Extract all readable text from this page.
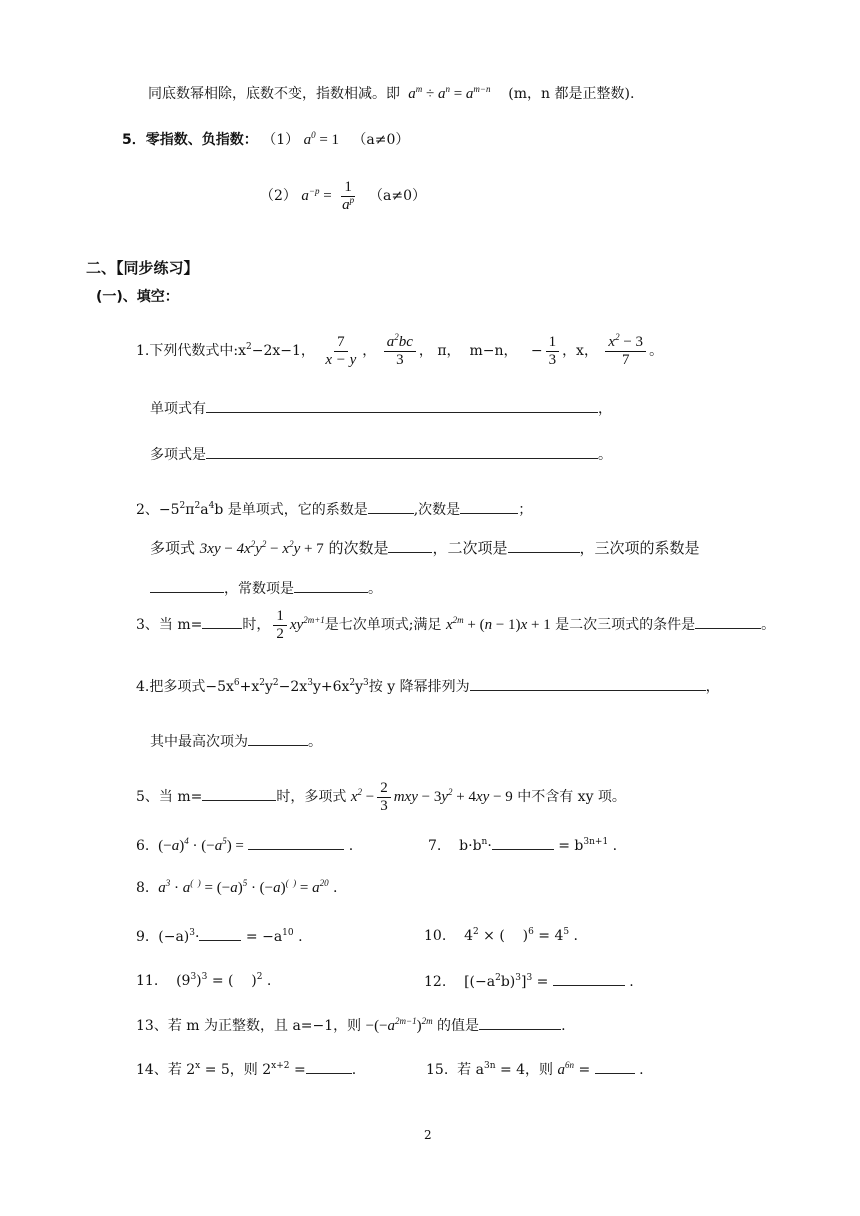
同底数幂相除，底数不变，指数相减。即  $a^m \div a^n = a^{m-n}$ (m，n 都是正整数).
5．零指数、负指数： （1） $a^0 = 1$ （a≠0）
（2） $a^{-p} = \frac{1}{a^p} (a\ne 0)$
二、【同步练习】
(一)、填空：
1.下列代数式中$:x^2-2x-1$， $\frac{7}{x - y}$ ， $\frac{a^2bc}{3}$ ， π，  m−n，   − $\frac{1}{3}$ ，x， $\frac{x^2 - 3}{7}$ 。
单项式有	，
多项式是	。
2、$-5^2\pi^2a^4b$ 是单项式，它的系数是	,次数是	；
多项式 $3xy - 4x^2y^2 - x^2y + 7$ 的次数是	，二次项是	，三次项的系数是
，常数项是	。
3、当 m=	时， $\frac{1}{2} xy^{2m+1}$是七次单项式;满足 $x^{2m} + (n - 1)x + 1$ 是二次三项式的条件是	。
4.把多项式$-5x^6+x^2y^2-2x^3y+6x^2y^3$按 y 降幂排列为	，
其中最高次项为	。
5、当 m=	时，多项式 $x^2 - \frac{2}{3}$ mxy − $3y^2 + 4xy - 9$ 中不含有 xy 项。
6.  $(-a)^4 \cdot (-a^5)$ =	.	7.    $b\cdot b^n\cdot$	= $b^{3n+1}$ .
8.  $a^3 \cdot a^{( )} = (-a)^5 \cdot (-a)^{( )} = a^{20}$ .
9.  $(-a)^3\cdot$	= $-a^{10}$ .	10.    $4^2$ × (    )$^6 = 4^5$ .
11.    $(9^3)^3$ = (    )$^2$ .	12.    $[(-a^2b)^3]^3$ =	.
13、若 m 为正整数，且 a=−1，则 $-(-a^{2m-1})^{2m}$ 的值是	.
14、若 $2^x = 5$，则 $2^{x+2}$ =	.	15.  若 $a^{3n} = 4$，则 $a^{6n}$ =	.
2
